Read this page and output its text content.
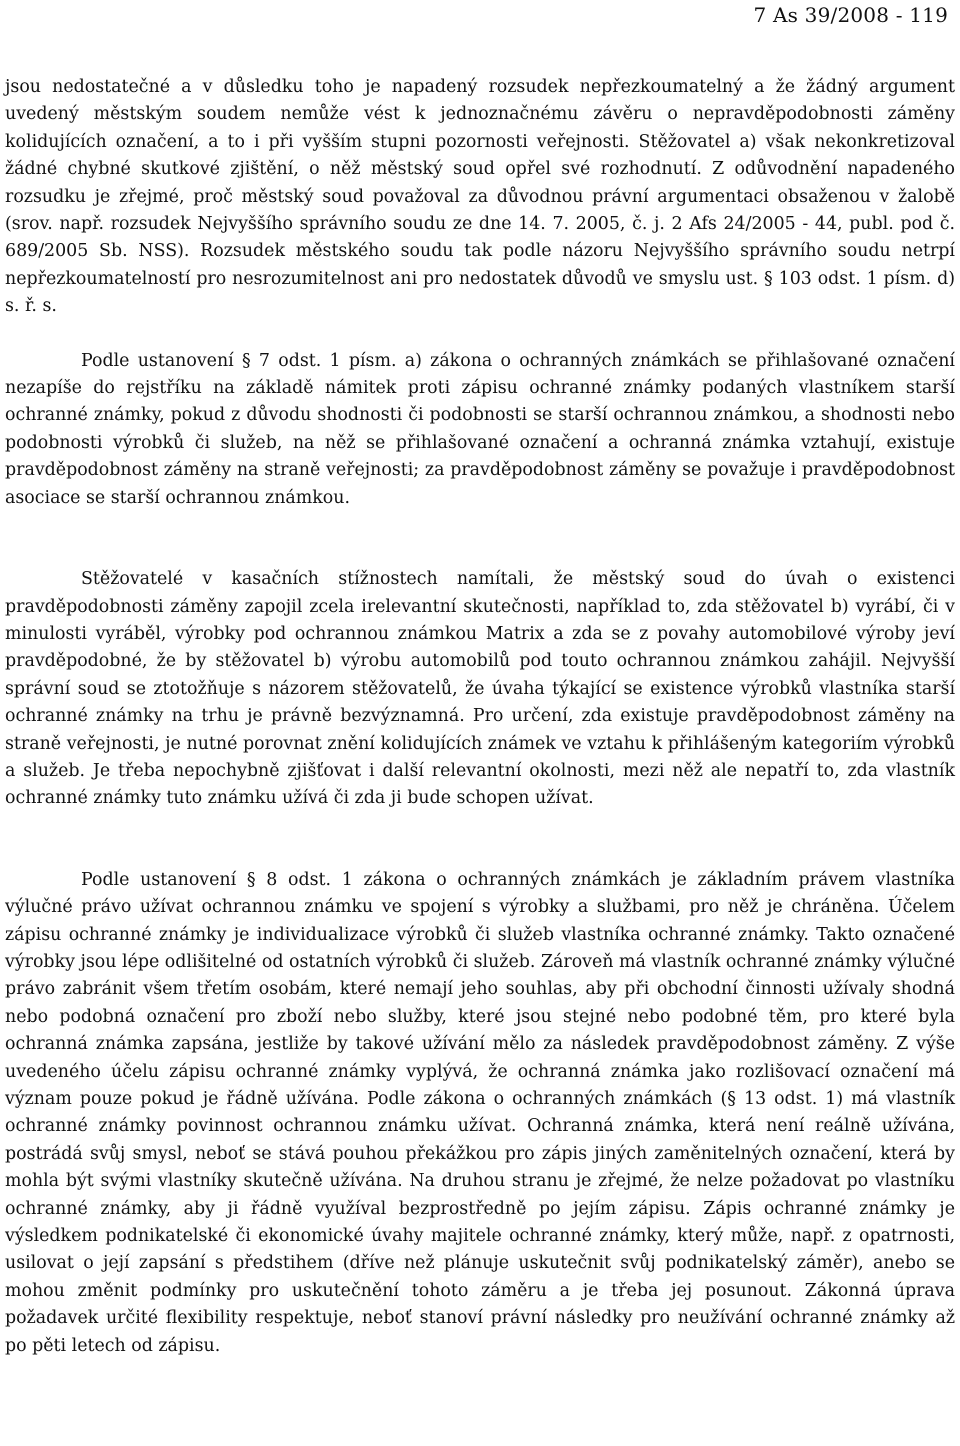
7 As 39/2008 - 119

jsou nedostatečné a v důsledku toho je napadený rozsudek nepřezkoumatelný a že žádný argument uvedený městským soudem nemůže vést k jednoznačnému závěru o nepravděpodobnosti záměny kolidujících označení, a to i při vyšším stupni pozornosti veřejnosti. Stěžovatel a) však nekonkretizoval žádné chybné skutkové zjištění, o něž městský soud opřel své rozhodnutí. Z odůvodnění napadeného rozsudku je zřejmé, proč městský soud považoval za důvodnou právní argumentaci obsaženou v žalobě (srov. např. rozsudek Nejvyššího správního soudu ze dne 14. 7. 2005, č. j. 2 Afs 24/2005 - 44, publ. pod č. 689/2005 Sb. NSS). Rozsudek městského soudu tak podle názoru Nejvyššího správního soudu netrpí nepřezkoumatelností pro nesrozumitelnost ani pro nedostatek důvodů ve smyslu ust. § 103 odst. 1 písm. d) s. ř. s.

Podle ustanovení § 7 odst. 1 písm. a) zákona o ochranných známkách se přihlašované označení nezapíše do rejstříku na základě námitek proti zápisu ochranné známky podaných vlastníkem starší ochranné známky, pokud z důvodu shodnosti či podobnosti se starší ochrannou známkou, a shodnosti nebo podobnosti výrobků či služeb, na něž se přihlašované označení a ochranná známka vztahují, existuje pravděpodobnost záměny na straně veřejnosti; za pravděpodobnost záměny se považuje i pravděpodobnost asociace se starší ochrannou známkou.

Stěžovatelé v kasačních stížnostech namítali, že městský soud do úvah o existenci pravděpodobnosti záměny zapojil zcela irelevantní skutečnosti, například to, zda stěžovatel b) vyrábí, či v minulosti vyráběl, výrobky pod ochrannou známkou Matrix a zda se z povahy automobilové výroby jeví pravděpodobné, že by stěžovatel b) výrobu automobilů pod touto ochrannou známkou zahájil. Nejvyšší správní soud se ztotožňuje s názorem stěžovatelů, že úvaha týkající se existence výrobků vlastníka starší ochranné známky na trhu je právně bezvýznamná. Pro určení, zda existuje pravděpodobnost záměny na straně veřejnosti, je nutné porovnat znění kolidujících známek ve vztahu k přihlášeným kategoriím výrobků a služeb. Je třeba nepochybně zjišťovat i další relevantní okolnosti, mezi něž ale nepatří to, zda vlastník ochranné známky tuto známku užívá či zda ji bude schopen užívat.

Podle ustanovení § 8 odst. 1 zákona o ochranných známkách je základním právem vlastníka výlučné právo užívat ochrannou známku ve spojení s výrobky a službami, pro něž je chráněna. Účelem zápisu ochranné známky je individualizace výrobků či služeb vlastníka ochranné známky. Takto označené výrobky jsou lépe odlišitelné od ostatních výrobků či služeb. Zároveň má vlastník ochranné známky výlučné právo zabránit všem třetím osobám, které nemají jeho souhlas, aby při obchodní činnosti užívaly shodná nebo podobná označení pro zboží nebo služby, které jsou stejné nebo podobné těm, pro které byla ochranná známka zapsána, jestliže by takové užívání mělo za následek pravděpodobnost záměny. Z výše uvedeného účelu zápisu ochranné známky vyplývá, že ochranná známka jako rozlišovací označení má význam pouze pokud je řádně užívána. Podle zákona o ochranných známkách (§ 13 odst. 1) má vlastník ochranné známky povinnost ochrannou známku užívat. Ochranná známka, která není reálně užívána, postrádá svůj smysl, neboť se stává pouhou překážkou pro zápis jiných zaměnitelných označení, která by mohla být svými vlastníky skutečně užívána. Na druhou stranu je zřejmé, že nelze požadovat po vlastníku ochranné známky, aby ji řádně využíval bezprostředně po jejím zápisu. Zápis ochranné známky je výsledkem podnikatelské či ekonomické úvahy majitele ochranné známky, který může, např. z opatrnosti, usilovat o její zapsání s předstihem (dříve než plánuje uskutečnit svůj podnikatelský záměr), anebo se mohou změnit podmínky pro uskutečnění tohoto záměru a je třeba jej posunout. Zákonná úprava požadavek určité flexibility respektuje, neboť stanoví právní následky pro neužívání ochranné známky až po pěti letech od zápisu.
